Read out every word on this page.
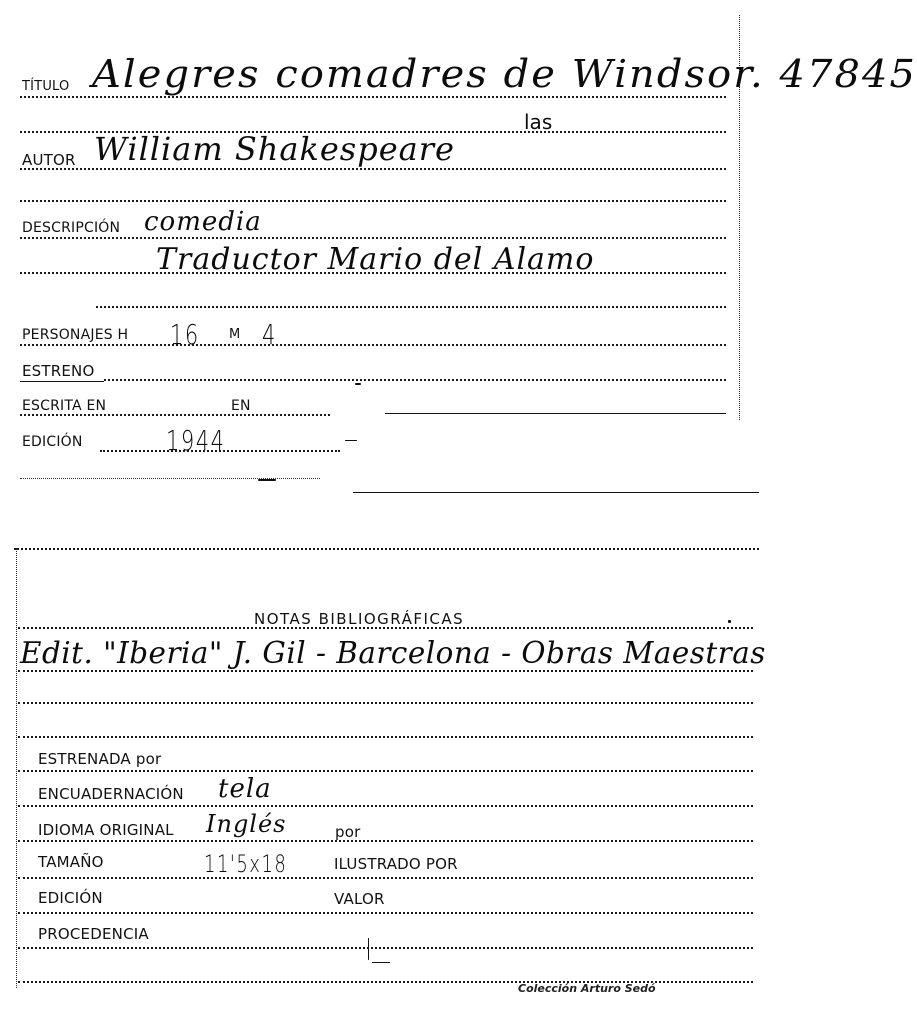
TÍTULO Alegres comadres de Windsor. 47845
las
AUTOR William Shakespeare
DESCRIPCIÓN comedia
Traductor Mario del Alamo
PERSONAJES H 16 M 4
ESTRENO
ESCRITA EN	EN
EDICIÓN	1944
NOTAS BIBLIOGRÁFICAS
Edit. "Iberia" J. Gil - Barcelona - Obras Maestras
ESTRENADA por
ENCUADERNACIÓN tela
IDIOMA ORIGINAL Inglés	por
TAMAÑO	11'5x18	ILUSTRADO POR
EDICIÓN	VALOR
PROCEDENCIA
Colección Arturo Sedó
